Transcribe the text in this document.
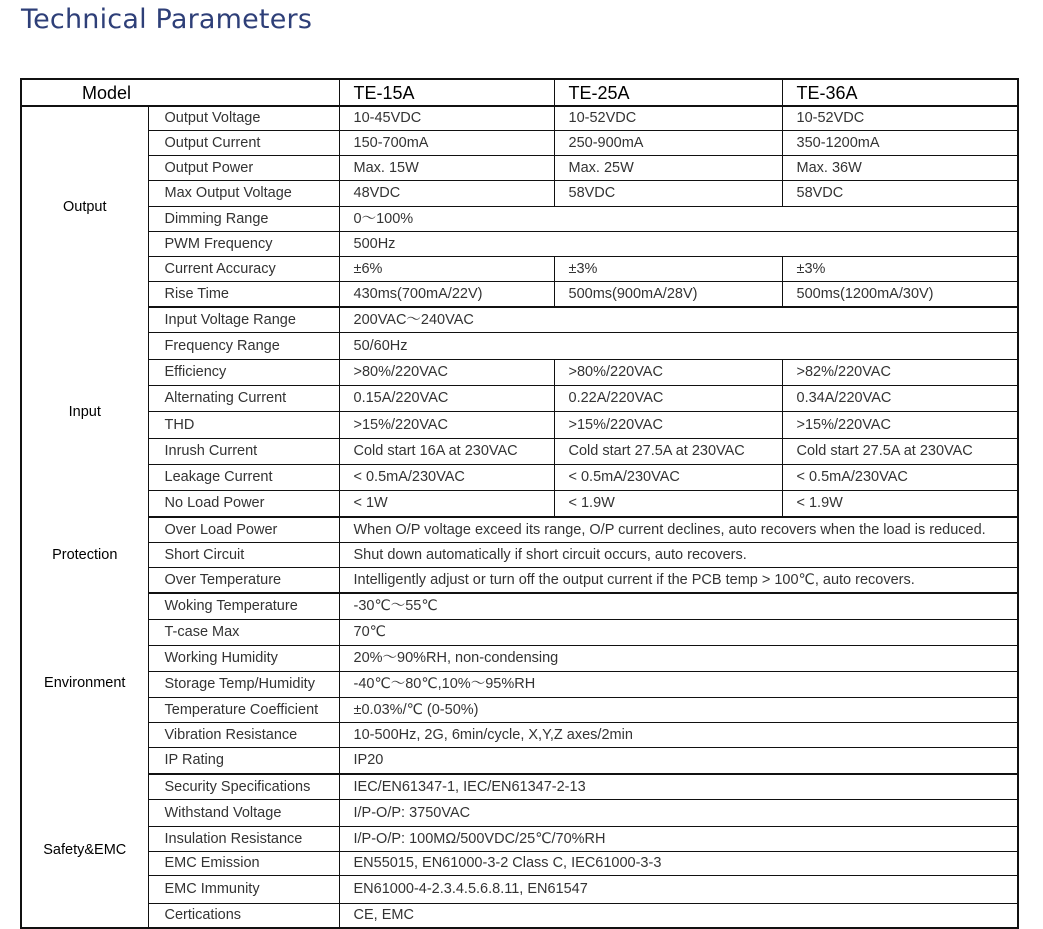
Technical Parameters
Model		TE-15A	TE-25A	TE-36A
Output	Output Voltage	10-45VDC	10-52VDC	10-52VDC
	Output Current	150-700mA	250-900mA	350-1200mA
	Output Power	Max. 15W	Max. 25W	Max. 36W
	Max Output Voltage	48VDC	58VDC	58VDC
	Dimming Range	0～100%		
	PWM Frequency	500Hz		
	Current Accuracy	±6%	±3%	±3%
	Rise Time	430ms(700mA/22V)	500ms(900mA/28V)	500ms(1200mA/30V)
Input	Input Voltage Range	200VAC～240VAC		
	Frequency Range	50/60Hz		
	Efficiency	>80%/220VAC	>80%/220VAC	>82%/220VAC
	Alternating Current	0.15A/220VAC	0.22A/220VAC	0.34A/220VAC
	THD	>15%/220VAC	>15%/220VAC	>15%/220VAC
	Inrush Current	Cold start 16A at 230VAC	Cold start 27.5A at 230VAC	Cold start 27.5A at 230VAC
	Leakage Current	< 0.5mA/230VAC	< 0.5mA/230VAC	< 0.5mA/230VAC
	No Load Power	< 1W	< 1.9W	< 1.9W
Protection	Over Load Power	When O/P voltage exceed its range, O/P current declines, auto recovers when the load is reduced.		
	Short Circuit	Shut down automatically if short circuit occurs, auto recovers.		
	Over Temperature	Intelligently adjust or turn off the output current if the PCB temp > 100℃, auto recovers.		
Environment	Woking Temperature	-30℃～55℃		
	T-case Max	70℃		
	Working Humidity	20%～90%RH, non-condensing		
	Storage Temp/Humidity	-40℃～80℃,10%～95%RH		
	Temperature Coefficient	±0.03%/℃ (0-50%)		
	Vibration Resistance	10-500Hz, 2G, 6min/cycle, X,Y,Z axes/2min		
	IP Rating	IP20		
Safety&EMC	Security Specifications	IEC/EN61347-1, IEC/EN61347-2-13		
	Withstand Voltage	I/P-O/P: 3750VAC		
	Insulation Resistance	I/P-O/P: 100MΩ/500VDC/25℃/70%RH		
	EMC Emission	EN55015, EN61000-3-2 Class C, IEC61000-3-3		
	EMC Immunity	EN61000-4-2.3.4.5.6.8.11, EN61547		
	Certications	CE, EMC		
